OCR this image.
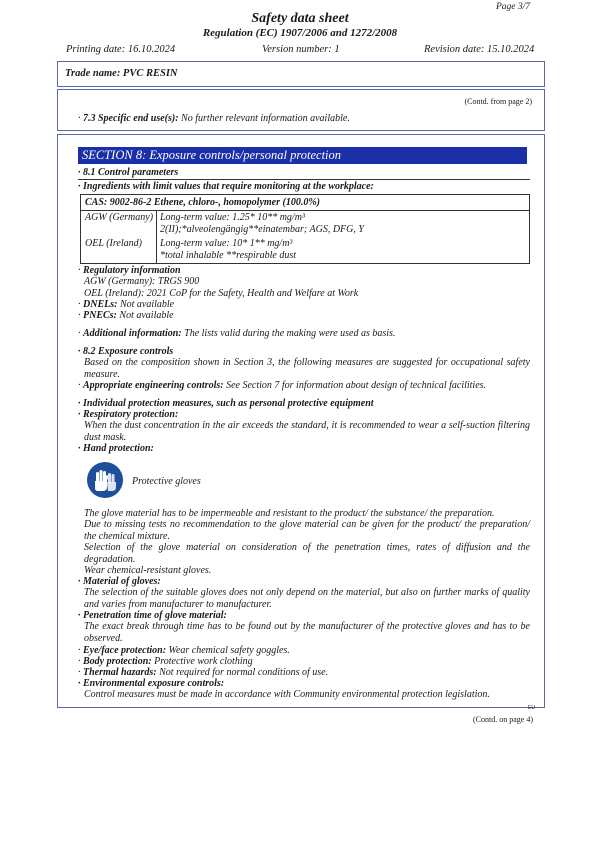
Page 3/7
Safety data sheet
Regulation (EC) 1907/2006 and 1272/2008
Printing date: 16.10.2024	Version number: 1	Revision date: 15.10.2024
Trade name: PVC RESIN
(Contd. from page 2)
· 7.3 Specific end use(s): No further relevant information available.
SECTION 8: Exposure controls/personal protection
· 8.1 Control parameters
· Ingredients with limit values that require monitoring at the workplace:
CAS: 9002-86-2 Ethene, chloro-, homopolymer (100.0%)
AGW (Germany) Long-term value: 1.25* 10** mg/m³
2(II);*alveolengängig**einatembar; AGS, DFG, Y
OEL (Ireland) Long-term value: 10* 1** mg/m³
*total inhalable **respirable dust
· Regulatory information
AGW (Germany): TRGS 900
OEL (Ireland): 2021 CoP for the Safety, Health and Welfare at Work
· DNELs: Not available
· PNECs: Not available
· Additional information: The lists valid during the making were used as basis.
· 8.2 Exposure controls
Based on the composition shown in Section 3, the following measures are suggested for occupational safety measure.
· Appropriate engineering controls: See Section 7 for information about design of technical facilities.
· Individual protection measures, such as personal protective equipment
· Respiratory protection:
When the dust concentration in the air exceeds the standard, it is recommended to wear a self-suction filtering dust mask.
· Hand protection:
Protective gloves
The glove material has to be impermeable and resistant to the product/ the substance/ the preparation.
Due to missing tests no recommendation to the glove material can be given for the product/ the preparation/ the chemical mixture.
Selection of the glove material on consideration of the penetration times, rates of diffusion and the degradation.
Wear chemical-resistant gloves.
· Material of gloves:
The selection of the suitable gloves does not only depend on the material, but also on further marks of quality and varies from manufacturer to manufacturer.
· Penetration time of glove material:
The exact break through time has to be found out by the manufacturer of the protective gloves and has to be observed.
· Eye/face protection: Wear chemical safety goggles.
· Body protection: Protective work clothing
· Thermal hazards: Not required for normal conditions of use.
· Environmental exposure controls:
Control measures must be made in accordance with Community environmental protection legislation.
EU
(Contd. on page 4)
